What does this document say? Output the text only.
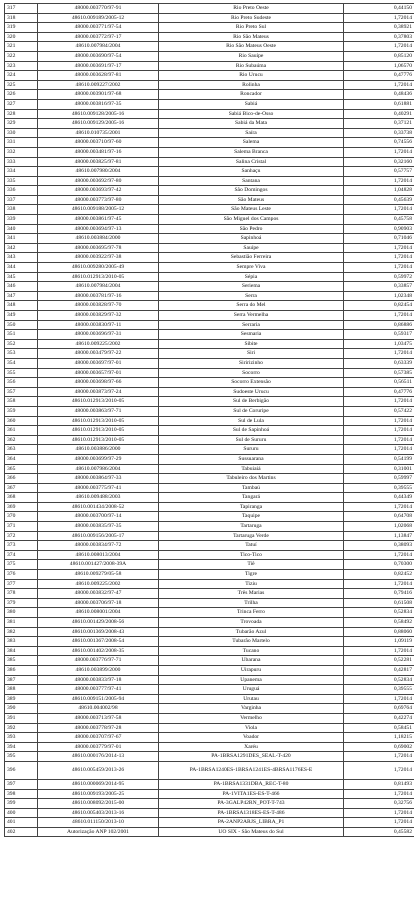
317	48000.003770/97-91	Rio Preto Oeste	0,44150
318	48610.009189/2005-12	Rio Preto Sudeste	1,72014
319	48000.003771/97-54	Rio Preto Sul	0,38921
320	48000.003772/97-17	Rio São Mateus	0,37803
321	48610.007984/2004	Rio São Mateus Oeste	1,72014
322	48000.003690/97-54	Rio Sauípe	0,85120
323	48000.003691/97-17	Rio Subaúma	1,06570
324	48000.003628/97-81	Rio Urucu	0,47776
325	48610.009227/2002	Rolinha	1,72014
326	48000.003901/97-68	Roncador	0,48436
327	48000.003816/97-35	Sabiá	0,61881
328	48610.009128/2005-16	Sabiá Bico-de-Osso	0,40291
329	48610.009129/2005-16	Sabiá da Mata	0,37121
330	48610.010735/2001	Saíra	0,33738
331	48000.003710/97-60	Salema	0,74556
332	48000.003481/97-16	Salema Branca	1,72014
333	48000.003825/97-81	Salina Cristal	0,32160
334	48610.007980/2004	Sanhaçu	0,57757
335	48000.003692/97-80	Santana	1,72014
336	48000.003693/97-42	São Domingos	1,04828
337	48000.003773/97-80	São Mateus	0,45639
338	48610.009188/2005-12	São Mateus Leste	1,72014
339	48000.003861/97-45	São Miguel dos Campos	0,45758
340	48000.003694/97-13	São Pedro	0,90903
341	48610.003884/2000	Sapinhoá	0,71046
342	48000.003695/97-78	Sauípe	1,72014
343	48000.003922/97-38	Sebastião Ferreira	1,72014
344	48610.009280/2005-49	Sempre Viva	1,72014
345	48610.012913/2010-05	Sépia	0,59972
346	48610.007984/2004	Seriema	0,33857
347	48000.003781/97-16	Serra	1,02348
348	48000.003828/97-70	Serra do Mel	0,82454
349	48000.003829/97-32	Serra Vermelha	1,72014
350	48000.003830/97-11	Serraria	0,86886
351	48000.003696/97-31	Sesmaria	0,59317
352	48610.009225/2002	Sibite	1,03475
353	48000.003479/97-22	Siri	1,72014
354	48000.003697/97-01	Siririzinho	0,63339
355	48000.003657/97-01	Socorro	0,57385
356	48000.003698/97-66	Socorro Extensão	0,56511
357	48000.003873/97-24	Sudoeste Urucu	0,47776
358	48610.012913/2010-05	Sul de Berbigão	1,72014
359	48000.003863/97-71	Sul de Coruripe	0,57422
360	48610.012913/2010-05	Sul de Lula	1,72014
361	48610.012913/2010-05	Sul de Sapinhoá	1,72014
362	48610.012913/2010-05	Sul de Sururu	1,72014
363	48610.003886/2000	Sururu	1,72014
364	48000.003699/97-29	Sussuarana	0,54199
365	48610.007986/2004	Tabuiaiá	0,31001
366	48000.003864/97-33	Tabuleiro dos Martins	0,59997
367	48000.003775/97-41	Tambaú	0,39555
368	48610.009488/2003	Tangará	0,44349
369	48610.001434/2008-52	Tapiranga	1,72014
370	48000.003700/97-14	Taquipe	0,64708
371	48000.003835/97-35	Tartaruga	1,02068
372	48610.009156/2005-17	Tartaruga Verde	1,13847
373	48000.003834/97-72	Tatuí	0,38093
374	48610.008013/2004	Tico-Tico	1,72014
375	48610.001427/2008-39A	Tiê	0,70300
376	48610.009279/05-58	Tigre	0,82452
377	48610.009225/2002	Tiziu	1,72014
378	48000.003832/97-47	Três Marias	0,79416
379	48000.003706/97-18	Trilha	0,61508
380	48610.008001/2004	Trinca Ferro	0,52834
381	48610.001429/2008-56	Trovoada	0,58492
382	48610.001369/2008-43	Tubarão Azul	0,88060
383	48610.001367/2008-54	Tubarão Martelo	1,09119
384	48610.001402/2008-35	Tucano	1,72014
385	48000.003776/97-71	Ubarana	0,52281
386	48610.003899/2000	Uirapuru	0,42817
387	48000.003833/97-18	Upanema	0,52834
388	48000.003777/97-41	Uruguá	0,39555
389	48610.009151/2005-94	Urutau	1,72014
390	48610.004002/98	Varginha	0,69764
391	48000.003713/97-58	Vermelho	0,42274
392	48000.003778/97-28	Viola	0,58451
393	48000.003707/97-67	Voador	1,18215
394	48000.003779/97-01	Xaréu	0,69002
395	48610.000176/2014-13	PA-1BRSA1291DES_SEAL-T-420	1,72014
396	48610.005459/2013-26	PA-1BRSA1240ES-1BRSA1241ES-4BRSA1176ES-E	1,72014
397	48610.000069/2014-95	PA-1BRSA1331DBA_REC-T-80	0,81493
398	48610.009193/2005-25	PA-1VITA1ES-ES-T-466	1,72014
399	48610.008092/2015-00	PA-3GALP42RN_POT-T-743	0,32756
400	48610.005403/2013-16	PA-1BRSA1318ES-ES-T-486	1,72014
401	48610.011150/2013-10	PA-2ANP2ARJS_LIBRA_P1	1,72014
402	Autorização ANP 102/2001	UO SIX - São Mateus do Sul	0,45582
